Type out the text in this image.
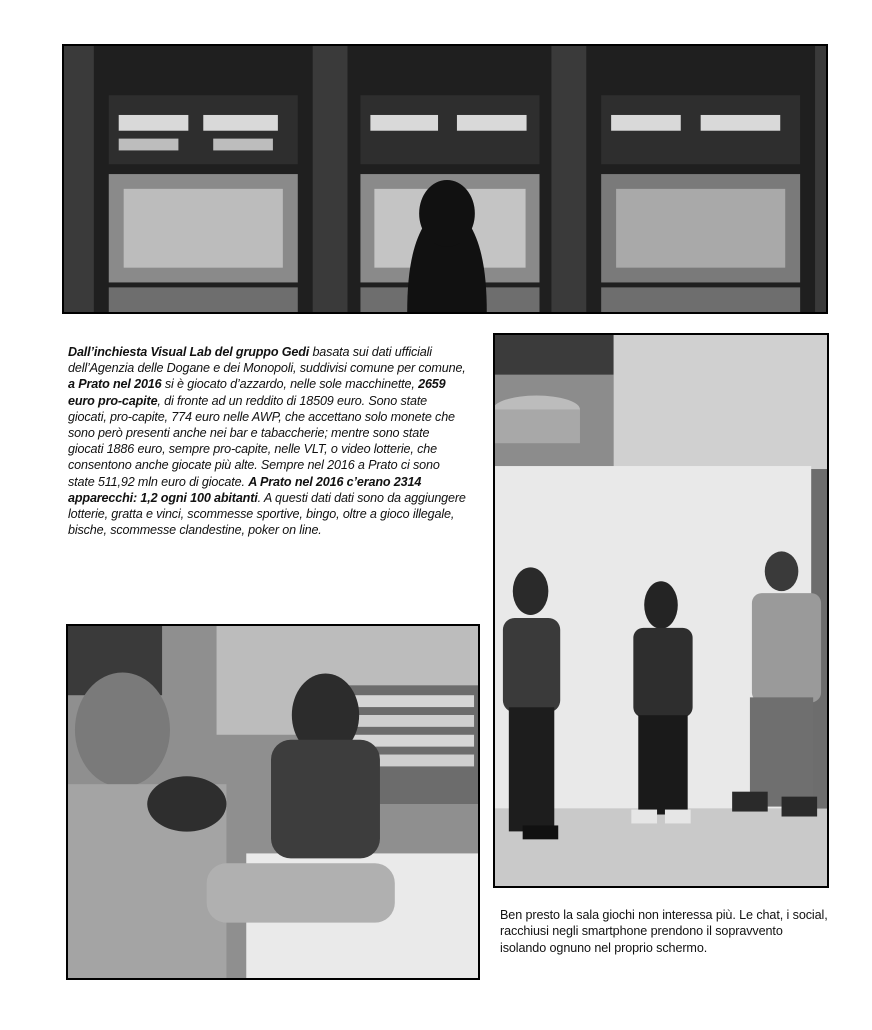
Dall’inchiesta Visual Lab del gruppo Gedi basata sui dati ufficiali dell’Agenzia delle Dogane e dei Monopoli, suddivisi comune per comune, a Prato nel 2016 si è giocato d’azzardo, nelle sole macchinette, 2659 euro pro-capite, di fronte ad un reddito di 18509 euro. Sono state giocati, pro-capite, 774 euro nelle AWP, che accettano solo monete che sono però presenti anche nei bar e tabaccherie; mentre sono state giocati 1886 euro, sempre pro-capite, nelle VLT, o video lotterie, che consentono anche giocate più alte. Sempre nel 2016 a Prato ci sono state 511,92 mln euro di giocate. A Prato nel 2016 c’erano 2314 apparecchi: 1,2 ogni 100 abitanti. A questi dati dati sono da aggiungere lotterie, gratta e vinci, scommesse sportive, bingo, oltre a gioco illegale, bische, scommesse clandestine, poker on line.
Ben presto la sala giochi non interessa più. Le chat, i social, racchiusi negli smartphone prendono il sopravvento isolando ognuno nel proprio schermo.
